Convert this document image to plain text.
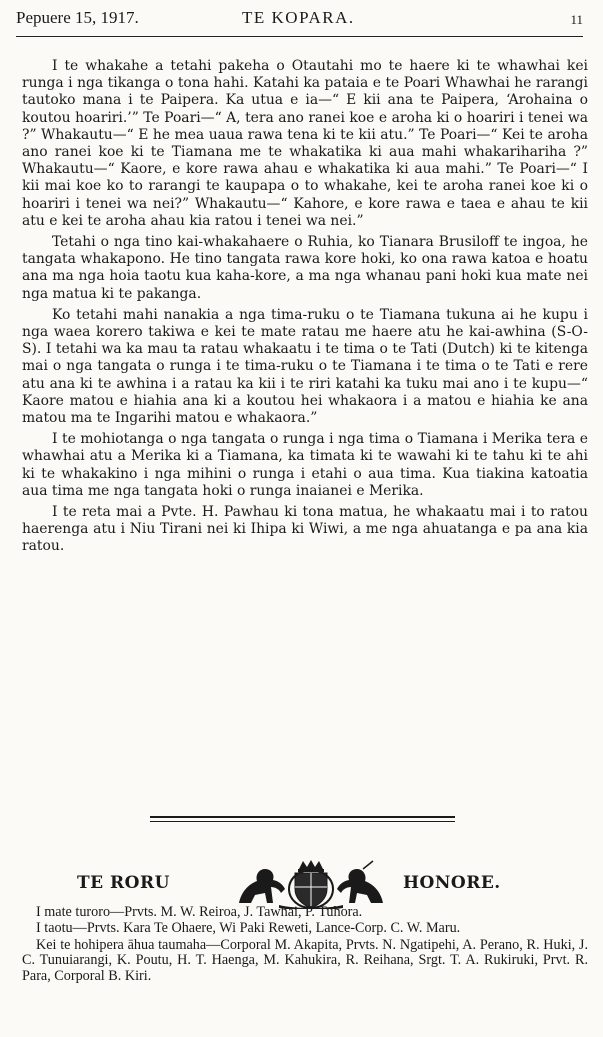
Pepuere 15, 1917.	TE KOPARA.	11

I te whakahe a tetahi pakeha o Otautahi mo te haere ki te whawhai kei runga i nga tikanga o tona hahi. Katahi ka pataia e te Poari Whawhai he rarangi tautoko mana i te Paipera. Ka utua e ia—“ E kii ana te Paipera, ‘Arohaina o koutou hoariri.’” Te Poari—“ A, tera ano ranei koe e aroha ki o hoariri i tenei wa ?” Whakautu—“ E he mea uaua rawa tena ki te kii atu.” Te Poari—“ Kei te aroha ano ranei koe ki te Tiamana me te whakatika ki aua mahi whakarihariha ?” Whakautu—“ Kaore, e kore rawa ahau e whakatika ki aua mahi.” Te Poari—“ I kii mai koe ko to rarangi te kaupapa o to whakahe, kei te aroha ranei koe ki o hoariri i tenei wa nei?” Whakautu—“ Kahore, e kore rawa e taea e ahau te kii atu e kei te aroha ahau kia ratou i tenei wa nei.”

Tetahi o nga tino kai-whakahaere o Ruhia, ko Tianara Brusiloff te ingoa, he tangata whakapono. He tino tangata rawa kore hoki, ko ona rawa katoa e hoatu ana ma nga hoia taotu kua kaha-kore, a ma nga whanau pani hoki kua mate nei nga matua ki te pakanga.

Ko tetahi mahi nanakia a nga tima-ruku o te Tiamana tukuna ai he kupu i nga waea korero takiwa e kei te mate ratau me haere atu he kai-awhina (S-O-S). I tetahi wa ka mau ta ratau whakaatu i te tima o te Tati (Dutch) ki te kitenga mai o nga tangata o runga i te tima-ruku o te Tiamana i te tima o te Tati e rere atu ana ki te awhina i a ratau ka kii i te riri katahi ka tuku mai ano i te kupu—“ Kaore matou e hiahia ana ki a koutou hei whakaora i a matou e hiahia ke ana matou ma te Ingarihi matou e whakaora.”

I te mohiotanga o nga tangata o runga i nga tima o Tiamana i Merika tera e whawhai atu a Merika ki a Tiamana, ka timata ki te wawahi ki te tahu ki te ahi ki te whakakino i nga mihini o runga i etahi o aua tima. Kua tiakina katoatia aua tima me nga tangata hoki o runga inaianei e Merika.

I te reta mai a Pvte. H. Pawhau ki tona matua, he whakaatu mai i to ratou haerenga atu i Niu Tirani nei ki Ihipa ki Wiwi, a me nga ahuatanga e pa ana kia ratou.

TE RORU	HONORE.

I mate turoro—Prvts. M. W. Reiroa, J. Tawhai, P. Tuhora.

I taotu—Prvts. Kara Te Ohaere, Wi Paki Reweti, Lance-Corp. C. W. Maru.

Kei te hohipera āhua taumaha—Corporal M. Akapita, Prvts. N. Ngatipehi, A. Perano, R. Huki, J. C. Tunuiarangi, K. Poutu, H. T. Haenga, M. Kahukira, R. Reihana, Srgt. T. A. Rukiruki, Prvt. R. Para, Corporal B. Kiri.
